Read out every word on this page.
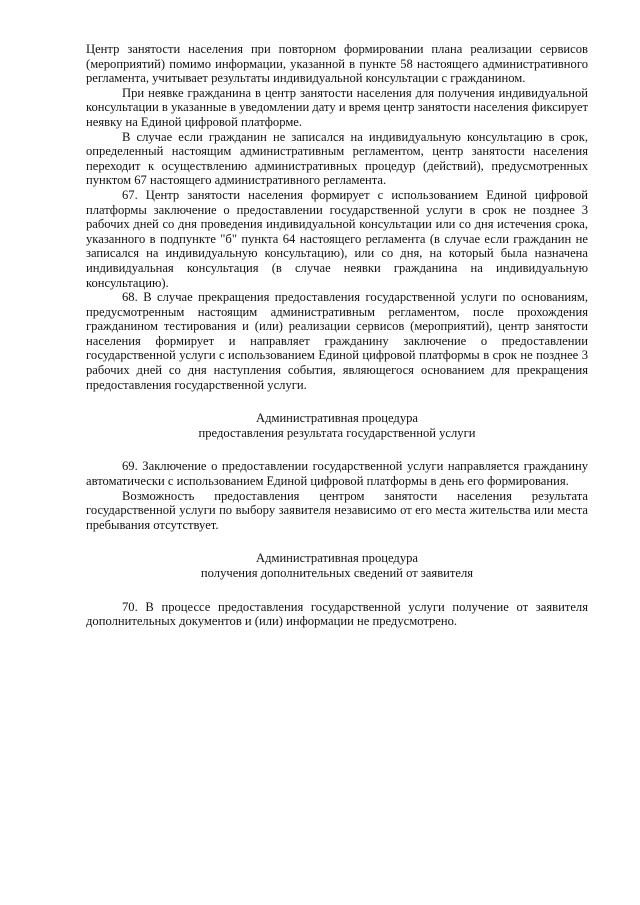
Центр занятости населения при повторном формировании плана реализации сервисов (мероприятий) помимо информации, указанной в пункте 58 настоящего административного регламента, учитывает результаты индивидуальной консультации с гражданином.

При неявке гражданина в центр занятости населения для получения индивидуальной консультации в указанные в уведомлении дату и время центр занятости населения фиксирует неявку на Единой цифровой платформе.

В случае если гражданин не записался на индивидуальную консультацию в срок, определенный настоящим административным регламентом, центр занятости населения переходит к осуществлению административных процедур (действий), предусмотренных пунктом 67 настоящего административного регламента.

67. Центр занятости населения формирует с использованием Единой цифровой платформы заключение о предоставлении государственной услуги в срок не позднее 3 рабочих дней со дня проведения индивидуальной консультации или со дня истечения срока, указанного в подпункте "б" пункта 64 настоящего регламента (в случае если гражданин не записался на индивидуальную консультацию), или со дня, на который была назначена индивидуальная консультация (в случае неявки гражданина на индивидуальную консультацию).

68. В случае прекращения предоставления государственной услуги по основаниям, предусмотренным настоящим административным регламентом, после прохождения гражданином тестирования и (или) реализации сервисов (мероприятий), центр занятости населения формирует и направляет гражданину заключение о предоставлении государственной услуги с использованием Единой цифровой платформы в срок не позднее 3 рабочих дней со дня наступления события, являющегося основанием для прекращения предоставления государственной услуги.

Административная процедура

предоставления результата государственной услуги

69. Заключение о предоставлении государственной услуги направляется гражданину автоматически с использованием Единой цифровой платформы в день его формирования.

Возможность предоставления центром занятости населения результата государственной услуги по выбору заявителя независимо от его места жительства или места пребывания отсутствует.

Административная процедура

получения дополнительных сведений от заявителя

70. В процессе предоставления государственной услуги получение от заявителя дополнительных документов и (или) информации не предусмотрено.
